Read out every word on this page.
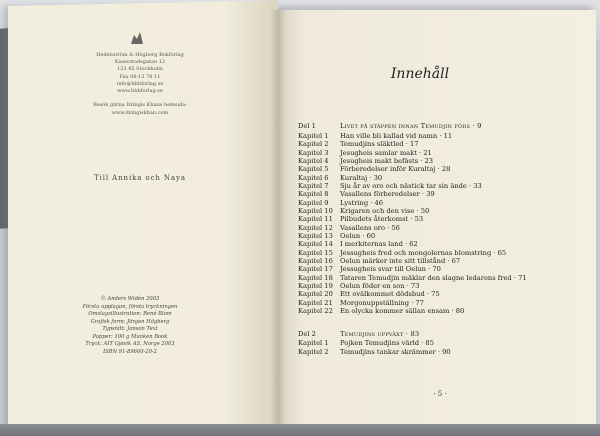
Hedenström & Högberg Bokförlag
Kaserstadsgatan 12
123 45 Stockholm
Fax 08-12 78 11
info@hhbforlag.se
www.hhbforlag.se

Besök gärna Dzingis Khans hemsida:
www.dzingiskhan.com
Till Annika och Naya
© Anders Widén 2003
Första upplagan, första tryckningen
Omslagsillustration: René Blom
Grafisk form: Jörgen Högberg
Typsnitt: Janson Text
Papper: 100 g Munken Book
Tryck: AIT Gjøvik AS, Norge 2003
ISBN 91-89660-20-2
Innehåll
Del 1	Livet på stäppen innan Temudjin föds · 9
Kapitel 1 Han ville bli kallad vid namn · 11
Kapitel 2 Temudjins släktled · 17
Kapitel 3 Jesugheis samlar makt · 21
Kapitel 4 Jesugheis makt befästs · 23
Kapitel 5 Förberedelser inför Kuraltaj · 28
Kapitel 6 Kuraltaj · 30
Kapitel 7 Sju år av oro och nästick tar sin ände · 33
Kapitel 8 Vasallens förberedelser · 39
Kapitel 9 Lystring · 46
Kapitel 10 Krigaren och den vise · 50
Kapitel 11 Pilbudets återkomst · 53
Kapitel 12 Vasallens oro · 56
Kapitel 13 Oelun · 60
Kapitel 14 I merkiternas land · 62
Kapitel 15 Jessugheis fred och mongolernas blomstring · 65
Kapitel 16 Oelun märker inte sitt tillstånd · 67
Kapitel 17 Jessugheis svar till Oelun · 70
Kapitel 18 Tataren Temudjin mäklar den slagne ledarens fred · 71
Kapitel 19 Oelun föder en son · 73
Kapitel 20 Ett ovälkommet dödsbud · 75
Kapitel 21 Morgonuppställning · 77
Kapitel 22 En olycka kommer sällan ensam · 80
Del 2	Temudjins uppväxt · 83
Kapitel 1 Pojken Temudjins värld · 85
Kapitel 2 Temudjins tankar skrämmer · 90
· 5 ·
